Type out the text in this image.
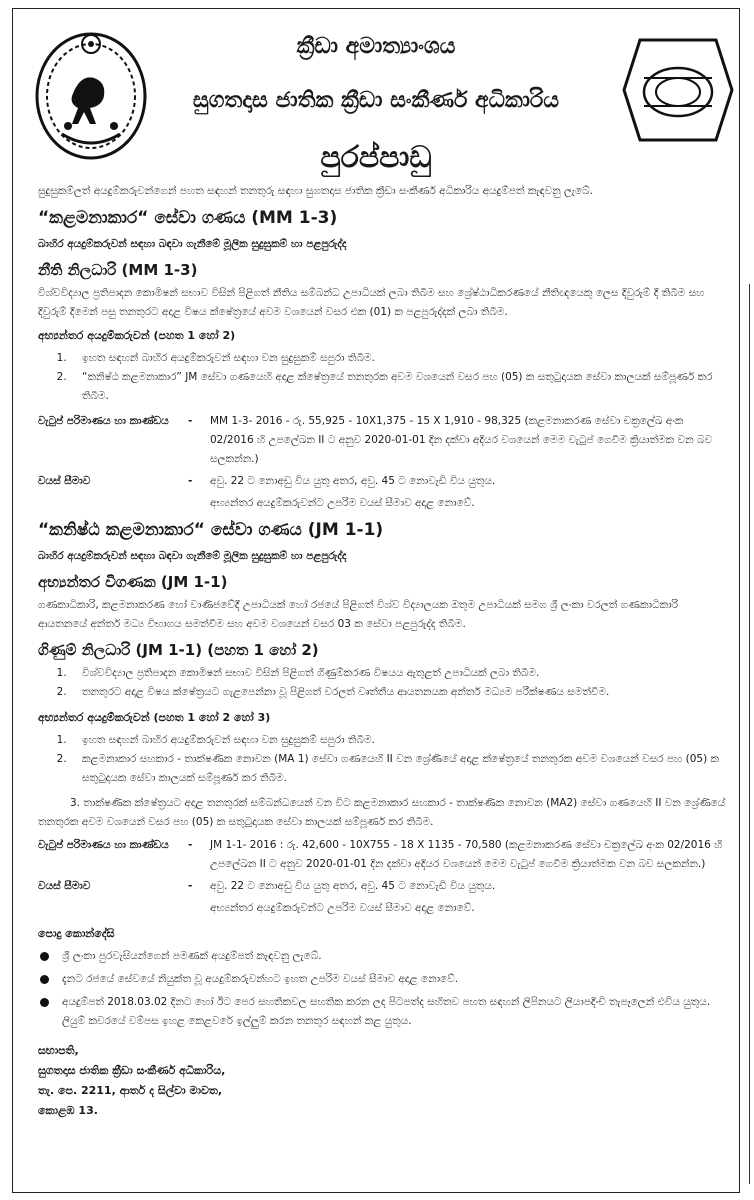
ක්‍රීඩා අමාත්‍යාංශය
සුගතදාස ජාතික ක්‍රීඩා සංකීර්ණ අධිකාරිය
පුරප්පාඩු

සුදුසුකම්ලත් අයදුම්කරුවන්ගෙන් පහත සඳහන් තනතුරු සඳහා සුගතදාස ජාතික ක්‍රීඩා සංකීර්ණ අධිකාරිය අයදුම්පත් කැඳවනු ලැබේ.

“කළමනාකාර“ සේවා ගණය (MM 1-3)

බාහිර අයදුම්කරුවන් සඳහා බඳවා ගැනීමේ මූලික සුදුසුකම් හා පළපුරුද්ද

නීති නිලධාරි (MM 1-3)

විශ්වවිද්‍යාල ප්‍රතිපාදන කොමිෂන් සභාව විසින් පිළිගත් නීතිය සම්බන්ධ උපාධියක් ලබා තිබීම සහ ශ්‍රේෂ්ඨාධිකරණයේ නීතිඥයෙකු ලෙස දිවුරුම් දී තිබීම සහ දිවුරුම් දීමෙන් පසු තනතුරට අදාළ විෂය ක්ෂේත්‍රයේ අවම වශයෙන් වසර එක (01) ක පළපුරුද්දක් ලබා තිබීම.

අභ්‍යන්තර අයදුම්කරුවන් (පහත 1 හෝ 2)

1. ඉහත සඳහන් බාහිර අයදුම්කරුවන් සඳහා වන සුදුසුකම් සපුරා තිබීම.
2. “කනිෂ්ඨ කළමනාකාර” JM සේවා ගණයෙහි අදාළ ක්ෂේත්‍රයේ තනතුරක අවම වශයෙන් වසර පහ (05) ක සතුටුදායක සේවා කාලයක් සම්පූර්ණ කර තිබීම.
වැටුප් පරිමාණය හා කාණ්ඩය	-	MM 1-3- 2016 - රු. 55,925 - 10X1,375 - 15 X 1,910 - 98,325 (කළමනාකරණ සේවා චක්‍රලේඛ අංක 02/2016 හි උපලේඛන II ට අනුව 2020-01-01 දින දක්වා අදියර වශයෙන් මෙම වැටුප් ගෙවීම ක්‍රියාත්මක වන බව සලකන්න.)
වයස් සීමාව	-	අවු. 22 ට නොඅඩු විය යුතු අතර, අවු. 45 ට නොවැඩි විය යුතුය.

අභ්‍යන්තර අයදුම්කරුවන්ට උපරිම වයස් සීමාව අදාළ නොවේ.

“කනිෂ්ඨ කළමනාකාර“ සේවා ගණය (JM 1-1)

බාහිර අයදුම්කරුවන් සඳහා බඳවා ගැනීමේ මූලික සුදුසුකම් හා පළපුරුද්ද

අභ්‍යන්තර විගණක (JM 1-1)

ගණකාධිකාරි, කළමනාකරණ හෝ වාණිජවේදී උපාධියක් හෝ රජයේ පිළිගත් විශ්ව විද්‍යාලයක ඔතුම උපාධියක් සමග ශ්‍රී ලංකා වරලත් ගණකාධිකාරි ආයතනයේ අන්තර් මධ්‍ය විභාගය සමත්වීම සහ අවම වශයෙන් වසර 03 ක සේවා පළපුරුද්ද තිබීම.

ගිණුම් නිලධාරි (JM 1-1) (පහත 1 හෝ 2)
1. විශ්වවිද්‍යාල ප්‍රතිපාදන කොමිෂන් සභාව විසින් පිළිගත් ගිණුම්කරණ විෂයය ඇතුළත් උපාධියක් ලබා තිබීම.
2. තනතුරට අදාළ විෂය ක්ෂේත්‍රයට ගැළපෙන්නා වූ පිළිගත් වරලත් වෘත්තීය ආයතනයක අන්තර් මධ්‍යම පරීක්ෂණය සමත්වීම.

අභ්‍යන්තර අයදුම්කරුවන් (පහත 1 හෝ 2 හෝ 3)

1. ඉහත සඳහන් බාහිර අයදුම්කරුවන් සඳහා වන සුදුසුකම් සපුරා තිබීම.
2. කළමනාකාර සහකාර - තාක්ෂණික නොවන (MA 1) සේවා ගණයෙහි II වන ශ්‍රේණියේ අදාළ ක්ෂේත්‍රයේ තනතුරක අවම වශයෙන් වසර පහ (05) ක සතුටුදායක සේවා කාලයක් සම්පූර්ණ කර තිබීම.

3. තාක්ෂණික ක්ෂේත්‍රයට අදාළ තනතුරක් සම්බන්ධයෙන් වන විට කළමනාකාර සහකාර - තාක්ෂණික නොවන (MA2) සේවා ගණයෙහි II වන ශ්‍රේණියේ තනතුරක අවම වශයෙන් වසර පහ (05) ක සතුටුදායක සේවා කාලයක් සම්පූර්ණ කර තිබීම.

වැටුප් පරිමාණය හා කාණ්ඩය	-	JM 1-1- 2016 : රු. 42,600 - 10X755 - 18 X 1135 - 70,580 (කළමනාකරණ සේවා චක්‍රලේඛ අංක 02/2016 හි උපලේඛන II ට අනුව 2020-01-01 දින දක්වා අදියර වශයෙන් මෙම වැටුප් ගෙවීම ක්‍රියාත්මක වන බව සලකන්න.)
වයස් සීමාව	-	අවු. 22 ට නොඅඩු විය යුතු අතර, අවු. 45 ට නොවැඩි විය යුතුය.

අභ්‍යන්තර අයදුම්කරුවන්ට උපරිම වයස් සීමාව අදාළ නොවේ.

පොදු කොන්දේසි

ශ්‍රී ලංකා පුරවැසියන්ගෙන් පමණක් අයදුම්පත් කැඳවනු ලැබේ.
දැනට රජයේ සේවයේ නියුක්ත වූ අයදුම්කරුවන්හට ඉහත උපරිම වයස් සීමාව අදාළ නොවේ.
අයදුම්පත් 2018.03.02 දිනට හෝ ඊට පෙර සහතිකවල සහතික කරන ලද පිටපත්ද සහිතව පහත සඳහන් ලිපිනයට ලියාපදිංචි තැපෑලෙන් එවිය යුතුය. ලියුම් කවරයේ වම්පස ඉහළ කෙළවරේ ඉල්ලුම් කරන තනතුර සඳහන් කළ යුතුය.

සභාපති,

සුගතදාස ජාතික ක්‍රීඩා සංකීර්ණ අධිකාරිය,

තැ. පෙ. 2211, ආතර් ද සිල්වා මාවත,

කොළඹ 13.
